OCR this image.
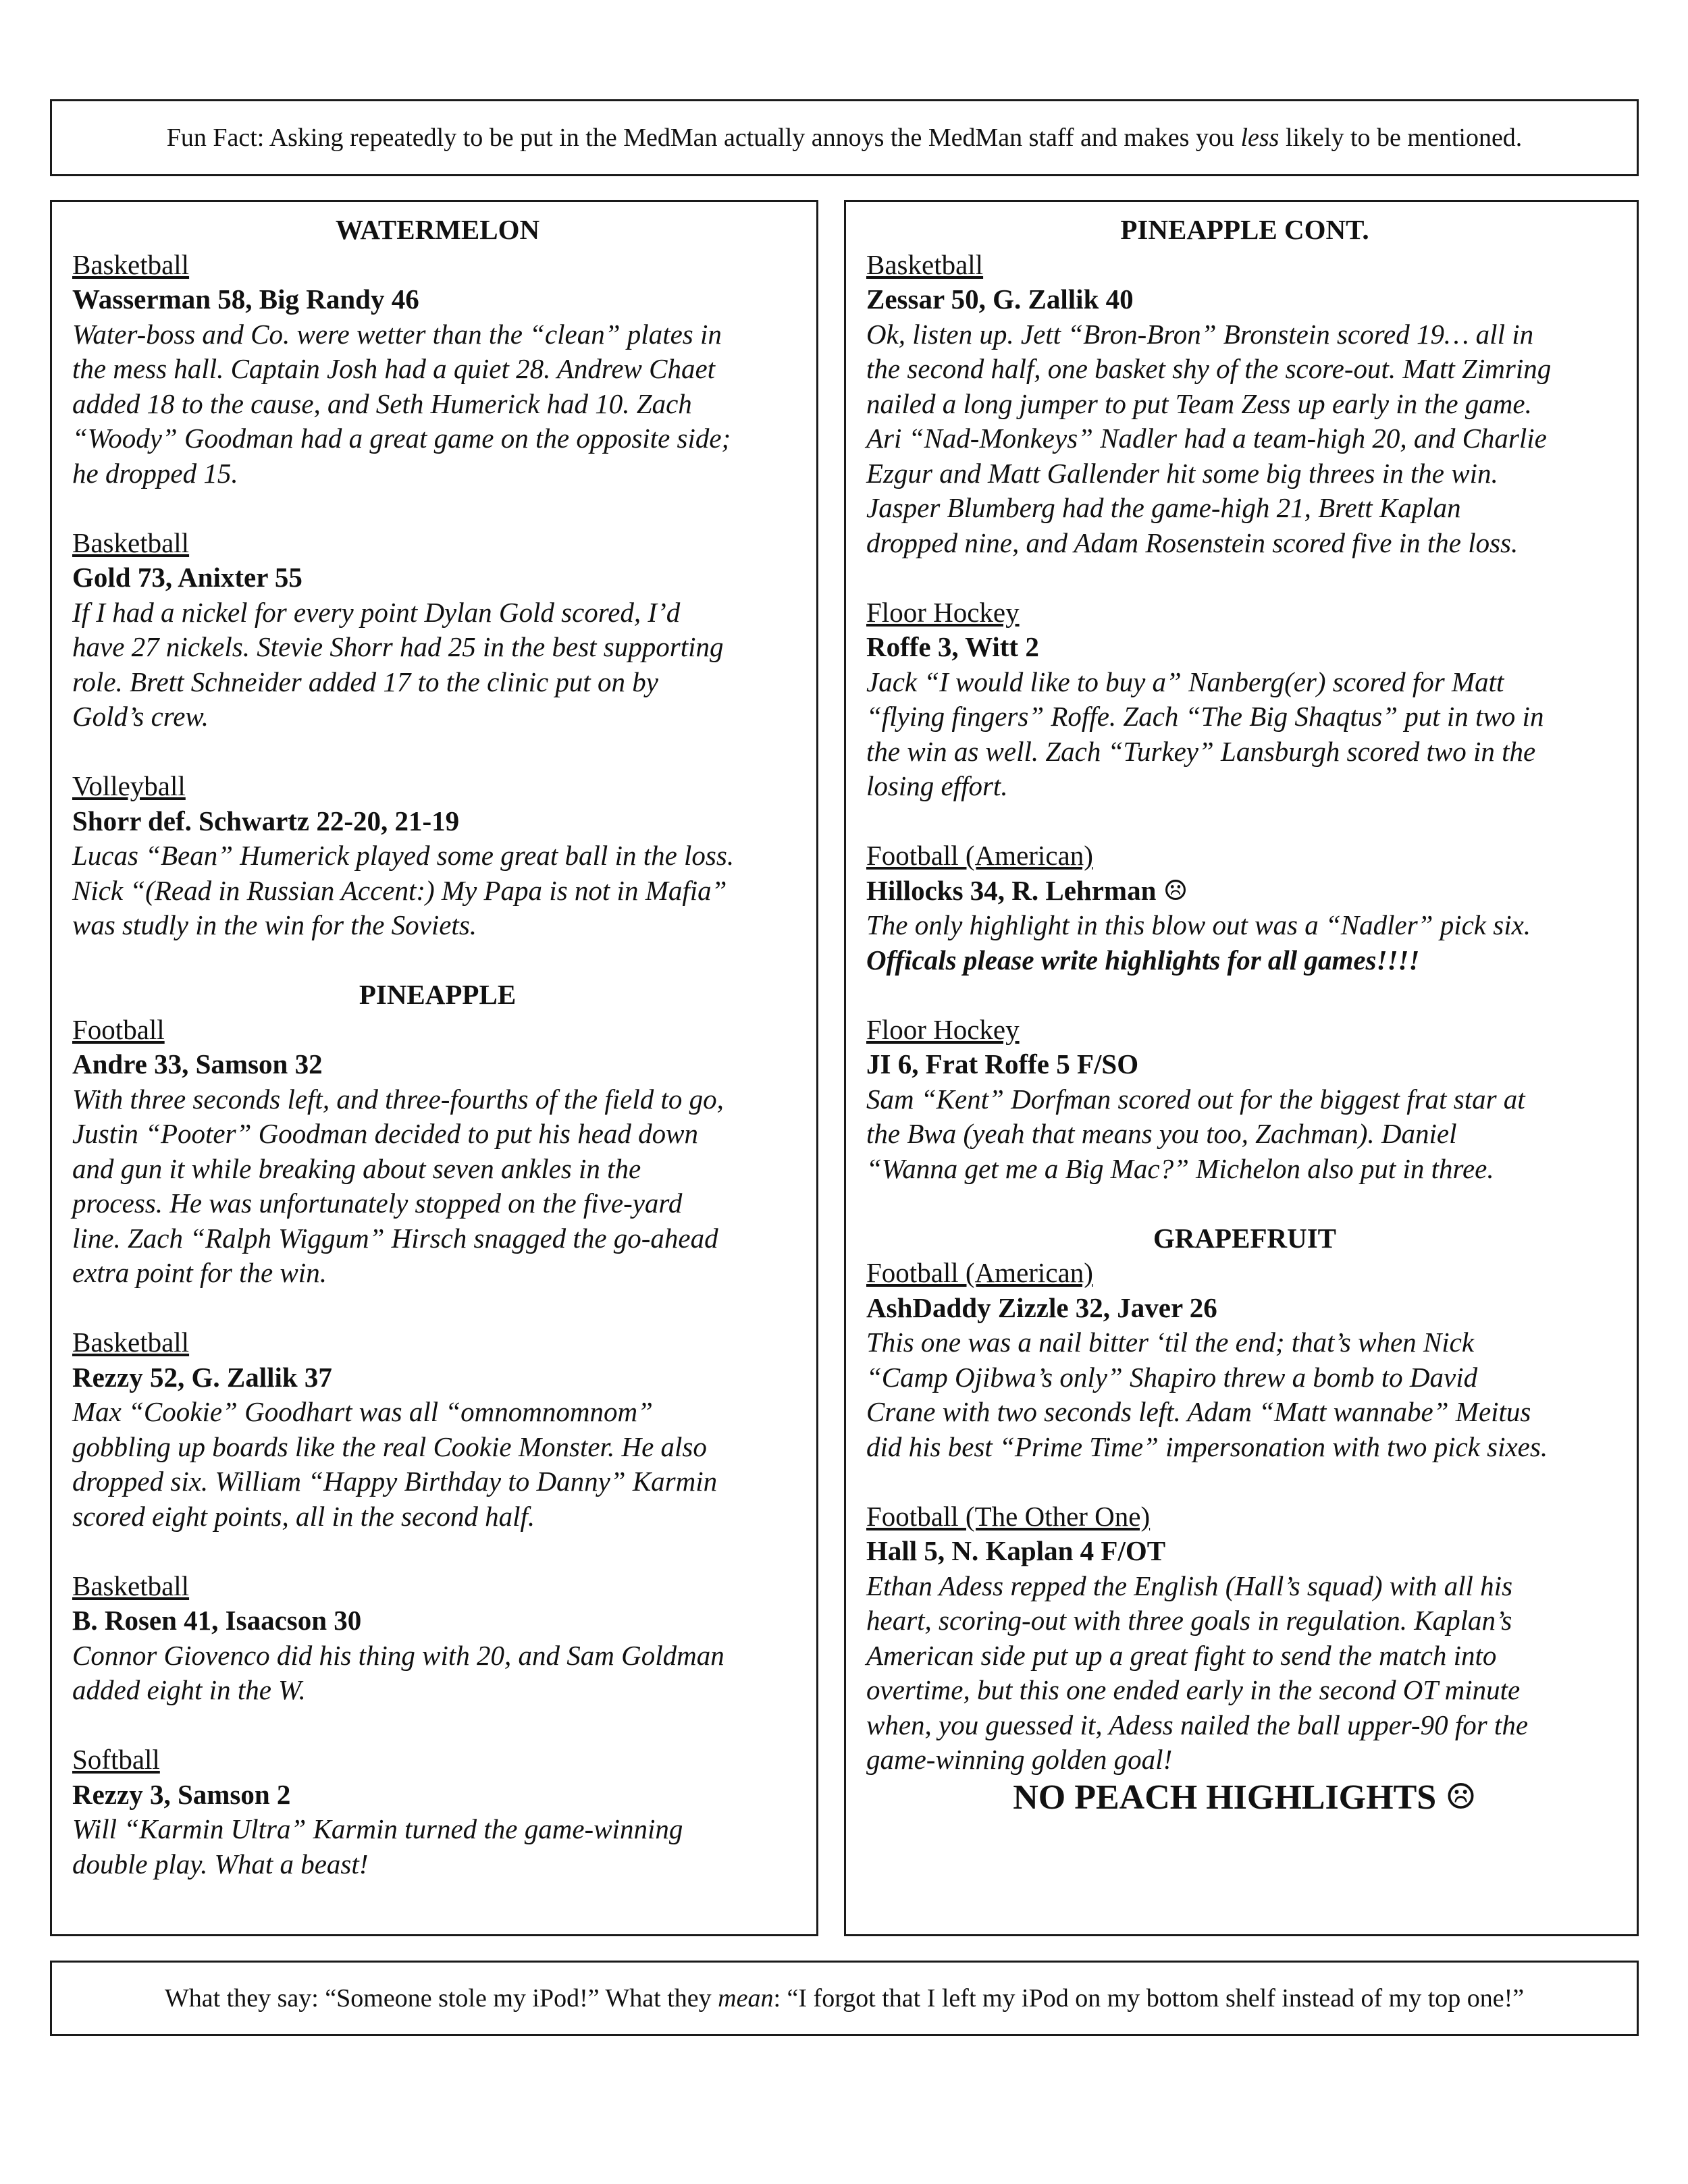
Fun Fact: Asking repeatedly to be put in the MedMan actually annoys the MedMan staff and makes you less likely to be mentioned.
WATERMELON
Basketball
Wasserman 58, Big Randy 46
Water-boss and Co. were wetter than the “clean” plates in
the mess hall. Captain Josh had a quiet 28. Andrew Chaet
added 18 to the cause, and Seth Humerick had 10. Zach
“Woody” Goodman had a great game on the opposite side;
he dropped 15.
Basketball
Gold 73, Anixter 55
If I had a nickel for every point Dylan Gold scored, I’d
have 27 nickels. Stevie Shorr had 25 in the best supporting
role. Brett Schneider added 17 to the clinic put on by
Gold’s crew.
Volleyball
Shorr def. Schwartz 22-20, 21-19
Lucas “Bean” Humerick played some great ball in the loss.
Nick “(Read in Russian Accent:) My Papa is not in Mafia”
was studly in the win for the Soviets.
PINEAPPLE
Football
Andre 33, Samson 32
With three seconds left, and three-fourths of the field to go,
Justin “Pooter” Goodman decided to put his head down
and gun it while breaking about seven ankles in the
process. He was unfortunately stopped on the five-yard
line. Zach “Ralph Wiggum” Hirsch snagged the go-ahead
extra point for the win.
Basketball
Rezzy 52, G. Zallik 37
Max “Cookie” Goodhart was all “omnomnomnom”
gobbling up boards like the real Cookie Monster. He also
dropped six. William “Happy Birthday to Danny” Karmin
scored eight points, all in the second half.
Basketball
B. Rosen 41, Isaacson 30
Connor Giovenco did his thing with 20, and Sam Goldman
added eight in the W.
Softball
Rezzy 3, Samson 2
Will “Karmin Ultra” Karmin turned the game-winning
double play. What a beast!
PINEAPPLE CONT.
Basketball
Zessar 50, G. Zallik 40
Ok, listen up. Jett “Bron-Bron” Bronstein scored 19… all in
the second half, one basket shy of the score-out. Matt Zimring
nailed a long jumper to put Team Zess up early in the game.
Ari “Nad-Monkeys” Nadler had a team-high 20, and Charlie
Ezgur and Matt Gallender hit some big threes in the win.
Jasper Blumberg had the game-high 21, Brett Kaplan
dropped nine, and Adam Rosenstein scored five in the loss.
Floor Hockey
Roffe 3, Witt 2
Jack “I would like to buy a” Nanberg(er) scored for Matt
“flying fingers” Roffe. Zach “The Big Shaqtus” put in two in
the win as well. Zach “Turkey” Lansburgh scored two in the
losing effort.
Football (American)
Hillocks 34, R. Lehrman ☹
The only highlight in this blow out was a “Nadler” pick six.
Officals please write highlights for all games!!!!
Floor Hockey
JI 6, Frat Roffe 5 F/SO
Sam “Kent” Dorfman scored out for the biggest frat star at
the Bwa (yeah that means you too, Zachman). Daniel
“Wanna get me a Big Mac?” Michelon also put in three.
GRAPEFRUIT
Football (American)
AshDaddy Zizzle 32, Javer 26
This one was a nail bitter ‘til the end; that’s when Nick
“Camp Ojibwa’s only” Shapiro threw a bomb to David
Crane with two seconds left. Adam “Matt wannabe” Meitus
did his best “Prime Time” impersonation with two pick sixes.
Football (The Other One)
Hall 5, N. Kaplan 4 F/OT
Ethan Adess repped the English (Hall’s squad) with all his
heart, scoring-out with three goals in regulation. Kaplan’s
American side put up a great fight to send the match into
overtime, but this one ended early in the second OT minute
when, you guessed it, Adess nailed the ball upper-90 for the
game-winning golden goal!
NO PEACH HIGHLIGHTS ☹
What they say: “Someone stole my iPod!” What they mean: “I forgot that I left my iPod on my bottom shelf instead of my top one!”
